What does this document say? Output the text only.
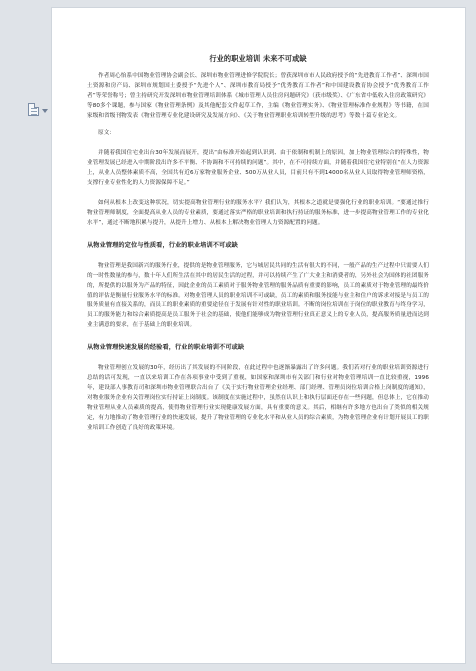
行业的职业培训 未来不可或缺

作者周心怡系中国物业管理协会副会长、深圳市物业管理进修学院院长；曾获深圳市市人民政府授予的“先进教育工作者”、深圳市国土资源和房产局、深圳市规划国土委授予“先进个人”、深圳市教育局授予“优秀教育工作者”和中国建设教育协会授予“优秀教育工作者”等荣誉称号；曾主持研究开发深圳市物业管理培训体系《城市管理人员住房问题研究》（获市级奖）、《广东省中低收入住房政策研究》等80多个课题，参与国家《物业管理条例》及其他配套文件起草工作，主编《物业管理实务》、《物业管理标准作业规程》等书籍，在国家级和省级刊物发表《物业管理专业化建设研究及发展方向》、《关于物业管理职业培训转型升级的思考》等数十篇专业论文。

原文：

并随着我国住宅业出台30年发展而展开，提出“由标准开始起到认识到、由于依制和机制上的原因，加上物业管理综合的特殊性，物业管理发展已经进入中期阶段出许多不平衡、不协调和不可持续的问题”。其中，在不可持续方面，并随着我国住宅业特别在“在人力资源上，从业人员整体素质不高，全国共有近6万家物业服务企业、500万从业人员，目前只有不到14000名从业人员取得物业管理师资格，支撑行业专业性化的人力资源保障不足。”

如何从根本上改变这种状况，切实提高物业管理行业的服务水平？我们认为，其根本之道就是要强化行业的职业培训。“要通过推行物业管理师制度，全面提高从业人员的专业素质，要通过落实严格的职业培训和执行持证的服务标准，进一步提高物业管理工作的专业化水平”，通过不断地积累与提升，从提升上增力、从根本上解决物业管理人力资源配置的问题。

从物业管理的定位与性质看，行业的职业培训不可或缺

物业管理是我国新兴的服务行业，提供的是物业管理服务，它与城居民共同的生活有很大的不同，一般产品的生产过程中只需要人们的一时性数量的参与，数十年人们所生活在其中的居民生活的过程，并可以持续产生了广大业主和消费者的，另外社会为国体的社团服务的，所提供的以服务为产品的特征，因此企业的员工素质对于服务物业管理的服务品质有重要的影响，员工的素质对于物业管理的最终价值的评估是衡量行业服务水平的标准。对物业管理人员的职业培训不可或缺，员工的素质和服务技能与业主和住户的诉求对接是与员工的服务质量有直接关系的，而员工的职业素质的重要途径在于发展有针对性的职业培训。不断的岗位培训在于岗位的职业教育与终身学习，员工的服务能力和综合素质提高是员工服务于社会的基础，使他们能够成为物业管理行业真正意义上的专业人员，提高服务质量进而达到业主满意的要求，在于基础上的职业培训。

从物业管理快速发展的经验看，行业的职业培训不可或缺

物业管理创立发展的30年，经历出了其发展的不同阶段，在此过程中也逐渐暴露出了许多问题。我们若对行业的职业培训资源进行总结的话可发现，一直以来培训工作在各项事业中受到了重视，如国家和深圳市有关部门和行业对物业管理培训一直比较重视，1996年，建设部人事教育司和深圳市物业管理联合出台了《关于实行物业管理企业经理、部门经理、管理员岗位培训合格上岗制度的通知》，对物业服务企业有关管理岗位实行持证上岗制度。该制度在实施过程中，虽然在认识上和执行层面还存在一些问题，但总体上，它在推动物业管理从业人员素质的提高，使得物业管理行业实现健康发展方面，具有重要的意义。其后，相继有许多地方也出台了类似的相关规定，有力地推动了物业管理行业的快速发展，提升了物业管理的专业化水平和从业人员的综合素质，为物业管理企业有计划开展员工的职业培训工作创造了良好的政策环境。
